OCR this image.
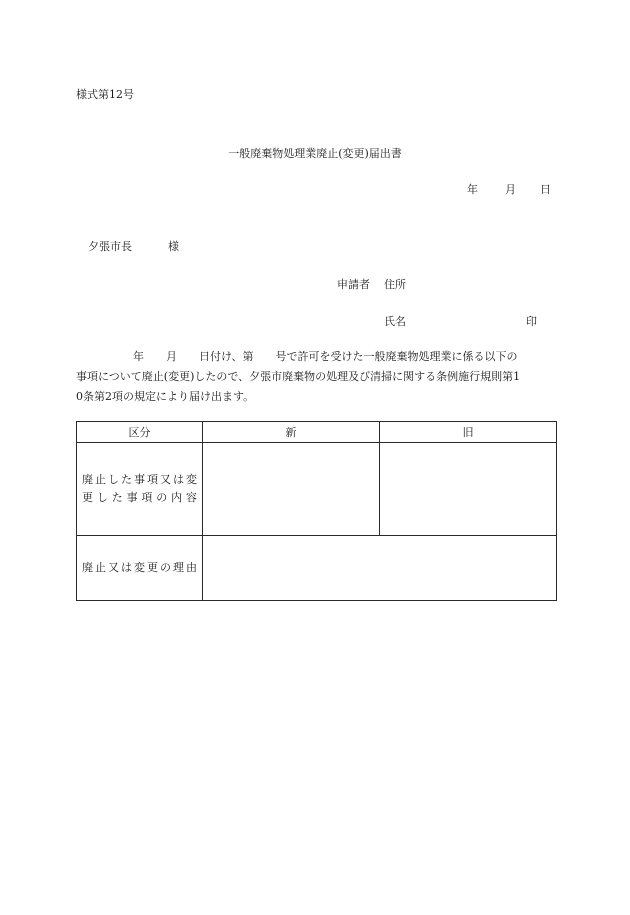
様式第12号
一般廃棄物処理業廃止(変更)届出書
年 月 日
夕張市長	様
申請者 住所
氏名	印
年　　月　　日付け、第　　号で許可を受けた一般廃棄物処理業に係る以下の
事項について廃止(変更)したので、夕張市廃棄物の処理及び清掃に関する条例施行規則第1
0条第2項の規定により届け出ます。
区分	新	旧

廃止した事項又は変
更した事項の内容		

廃止又は変更の理由		
